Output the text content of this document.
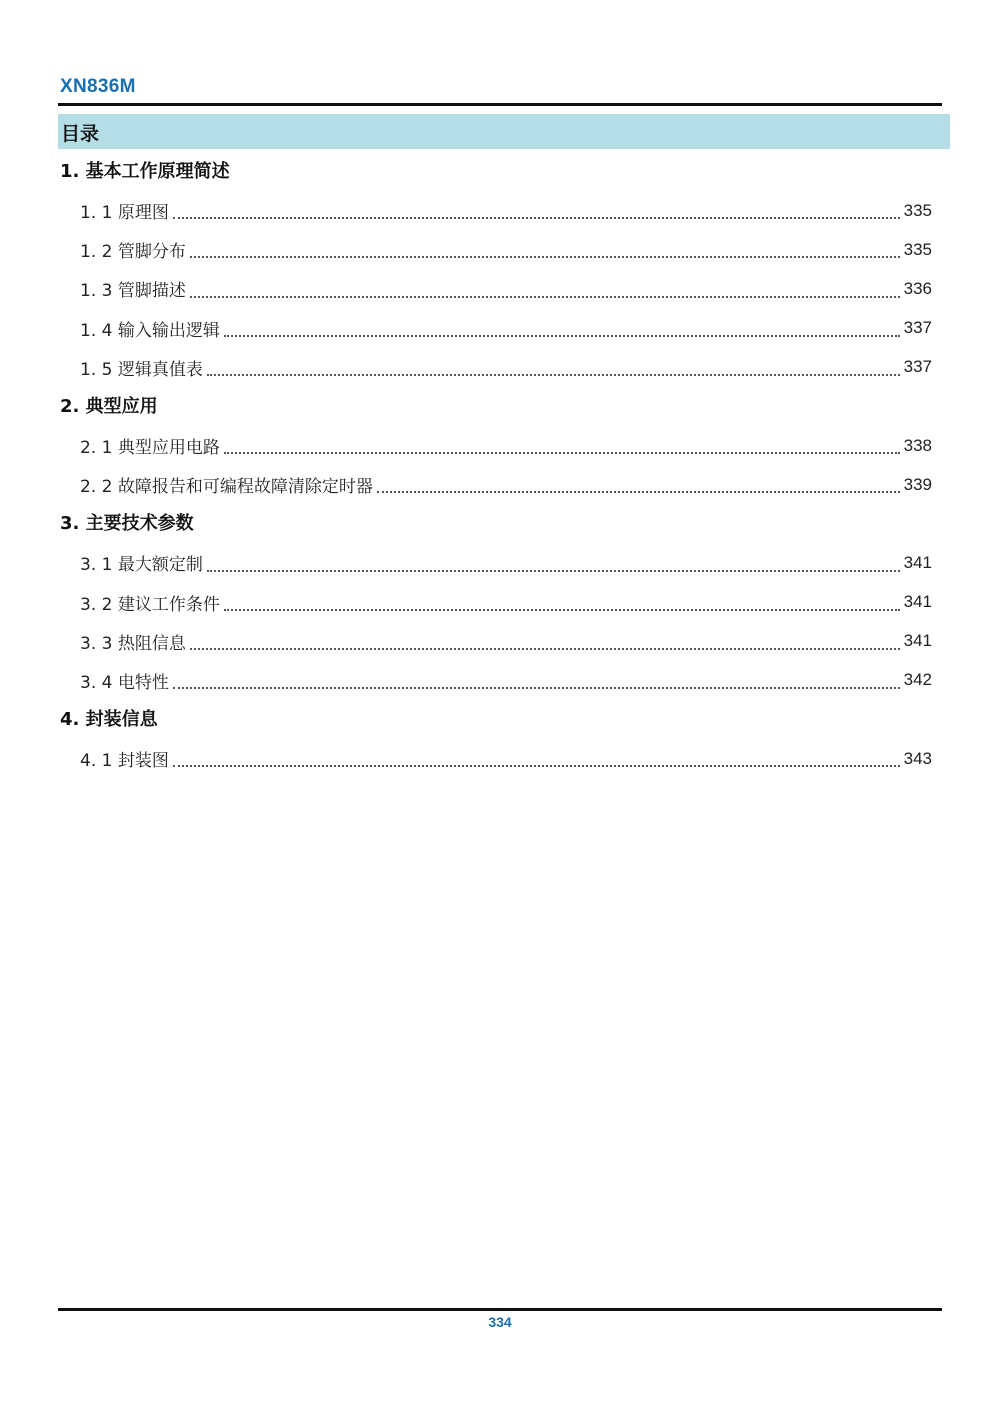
XN836M
目录
1. 基本工作原理简述
1. 1 原理图	335
1. 2 管脚分布	335
1. 3 管脚描述	336
1. 4 输入输出逻辑	337
1. 5 逻辑真值表	337
2. 典型应用
2. 1 典型应用电路	338
2. 2 故障报告和可编程故障清除定时器	339
3. 主要技术参数
3. 1 最大额定制	341
3. 2 建议工作条件	341
3. 3 热阻信息	341
3. 4 电特性	342
4. 封装信息
4. 1 封装图	343
334
